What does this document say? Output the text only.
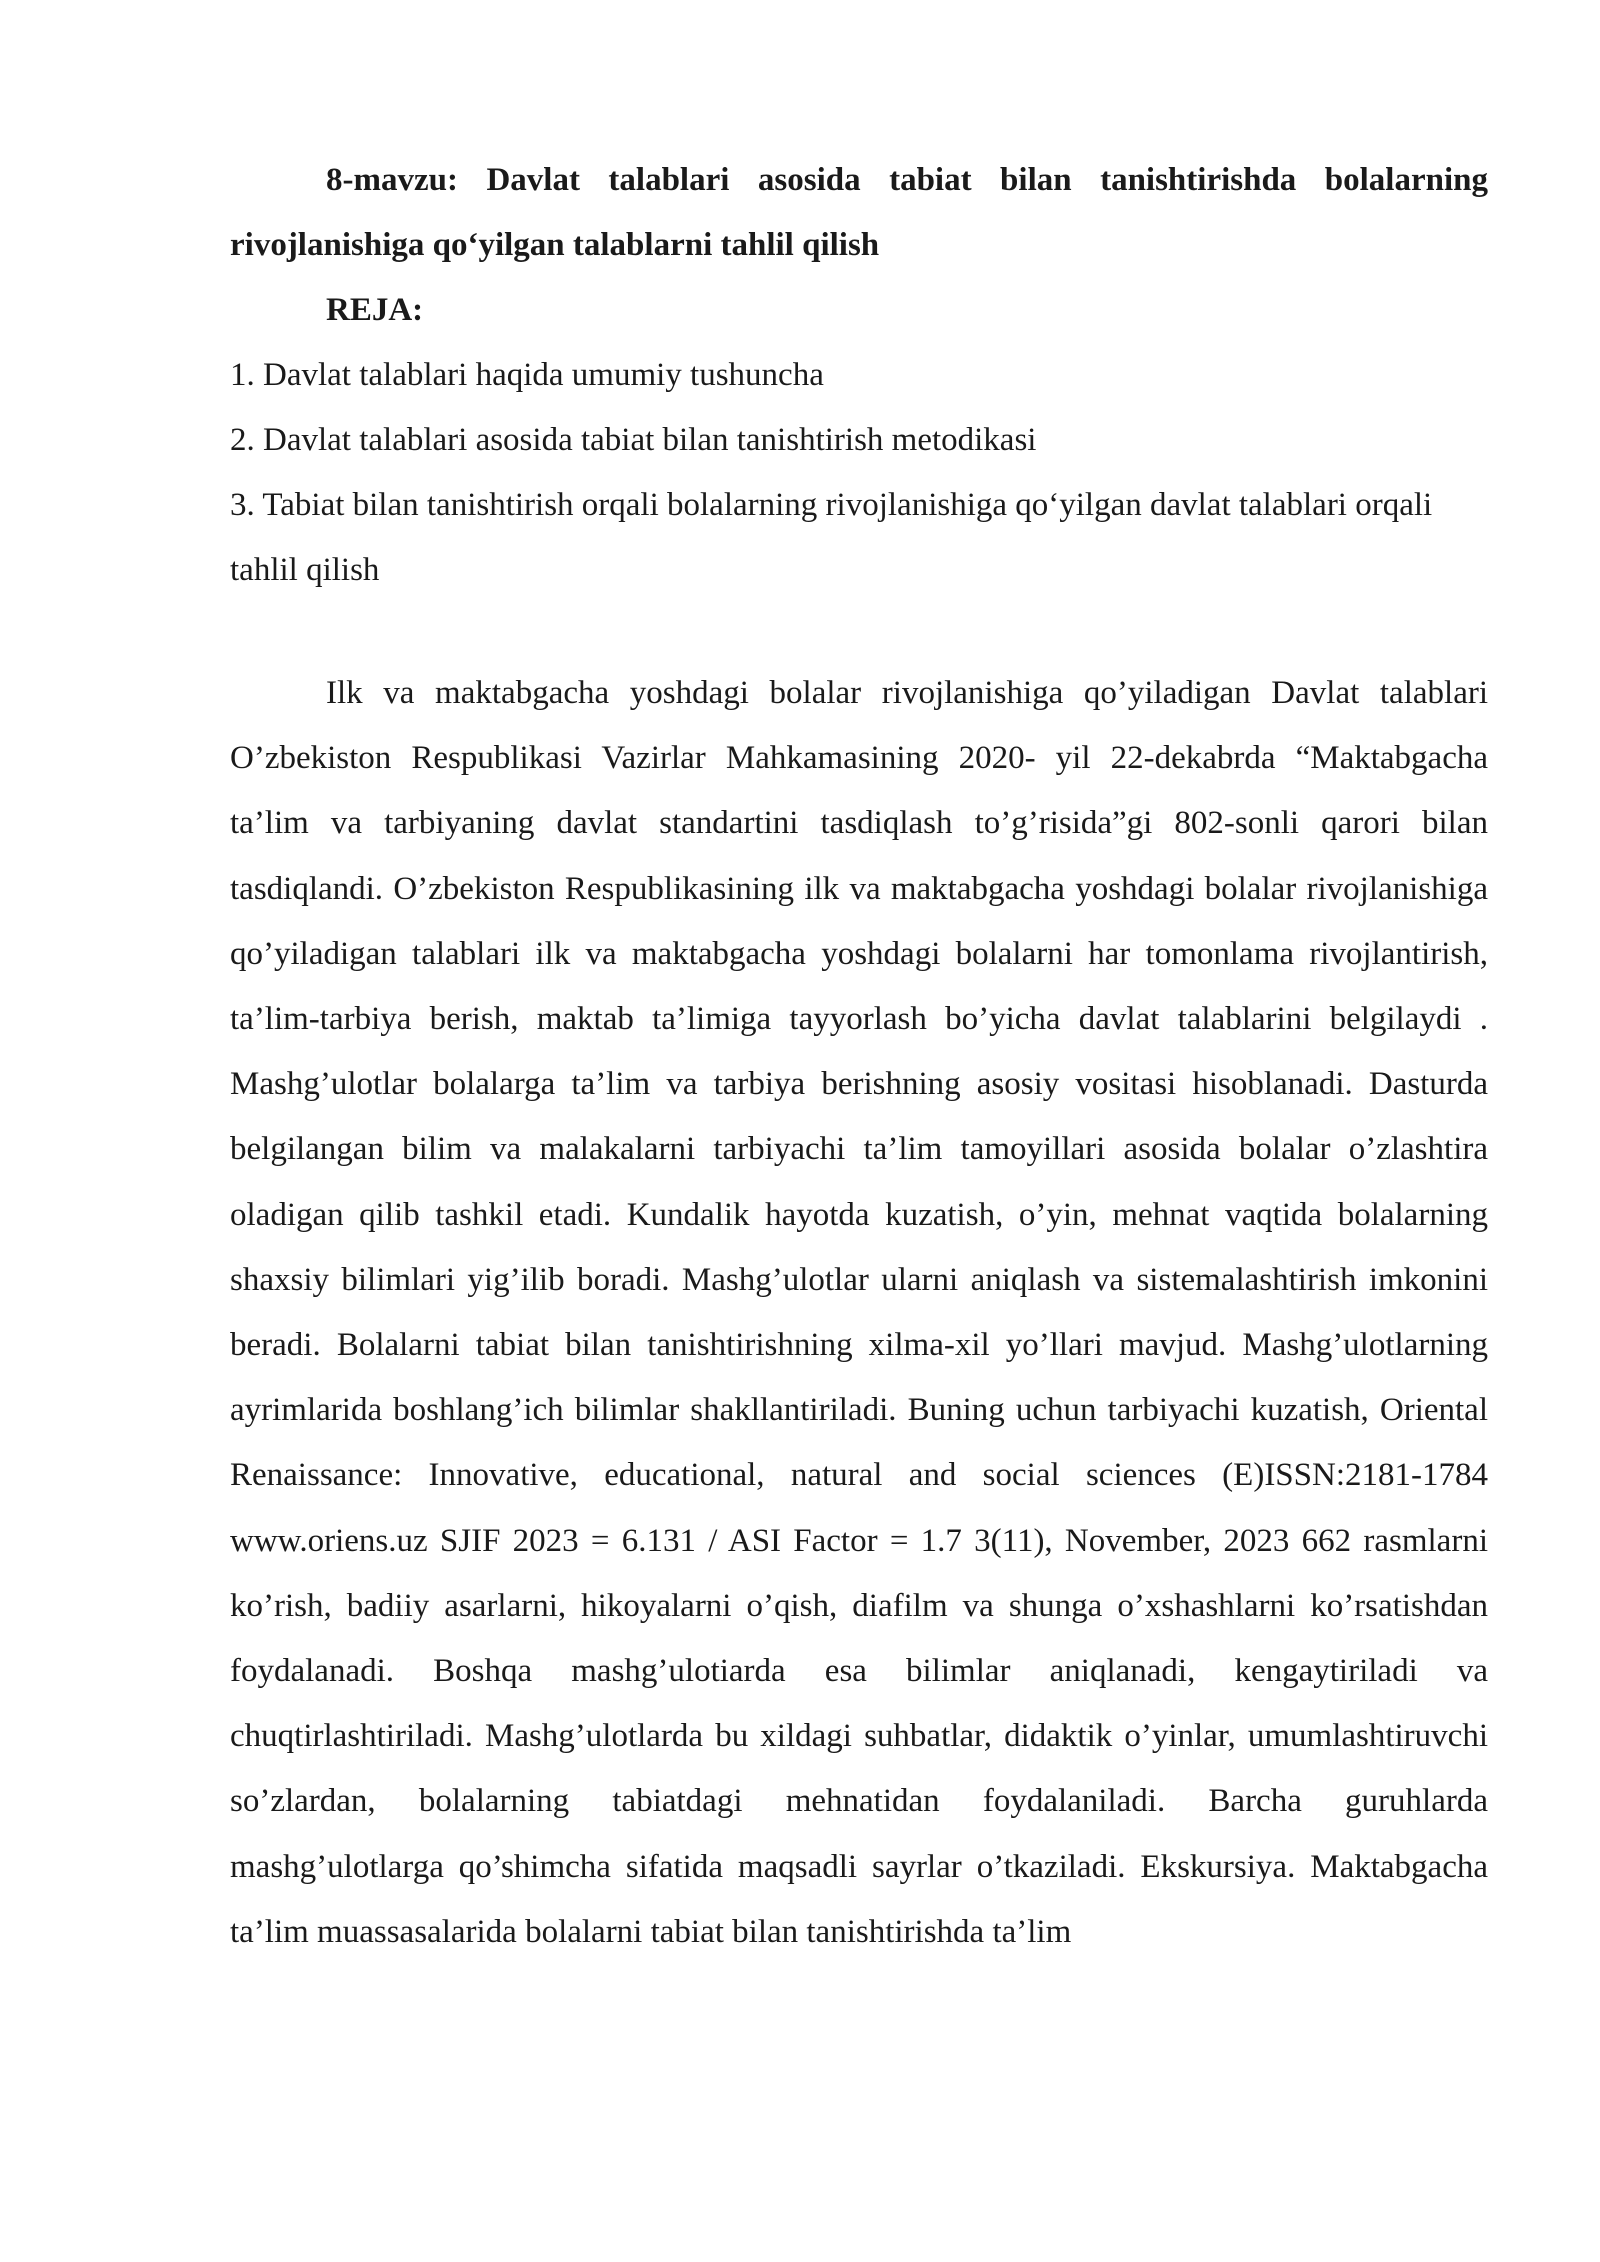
8-mavzu: Davlat talablari asosida tabiat bilan tanishtirishda bolalarning rivojlanishiga qo‘yilgan talablarni tahlil qilish

REJA:

1. Davlat talablari haqida umumiy tushuncha
2. Davlat talablari asosida tabiat bilan tanishtirish metodikasi
3. Tabiat bilan tanishtirish orqali bolalarning rivojlanishiga qo‘yilgan davlat talablari orqali tahlil qilish

Ilk va maktabgacha yoshdagi bolalar rivojlanishiga qo’yiladigan Davlat talablari O’zbekiston Respublikasi Vazirlar Mahkamasining 2020- yil 22-dekabrda “Maktabgacha ta’lim va tarbiyaning davlat standartini tasdiqlash to’g’risida”gi 802-sonli qarori bilan tasdiqlandi. O’zbekiston Respublikasining ilk va maktabgacha yoshdagi bolalar rivojlanishiga qo’yiladigan talablari ilk va maktabgacha yoshdagi bolalarni har tomonlama rivojlantirish, ta’lim-tarbiya berish, maktab ta’limiga tayyorlash bo’yicha davlat talablarini belgilaydi . Mashg’ulotlar bolalarga ta’lim va tarbiya berishning asosiy vositasi hisoblanadi. Dasturda belgilangan bilim va malakalarni tarbiyachi ta’lim tamoyillari asosida bolalar o’zlashtira oladigan qilib tashkil etadi. Kundalik hayotda kuzatish, o’yin, mehnat vaqtida bolalarning shaxsiy bilimlari yig’ilib boradi. Mashg’ulotlar ularni aniqlash va sistemalashtirish imkonini beradi. Bolalarni tabiat bilan tanishtirishning xilma-xil yo’llari mavjud. Mashg’ulotlarning ayrimlarida boshlang’ich bilimlar shakllantiriladi. Buning uchun tarbiyachi kuzatish, Oriental Renaissance: Innovative, educational, natural and social sciences (E)ISSN:2181-1784 www.oriens.uz SJIF 2023 = 6.131 / ASI Factor = 1.7 3(11), November, 2023 662 rasmlarni ko’rish, badiiy asarlarni, hikoyalarni o’qish, diafilm va shunga o’xshashlarni ko’rsatishdan foydalanadi. Boshqa mashg’ulotiarda esa bilimlar aniqlanadi, kengaytiriladi va chuqtirlashtiriladi. Mashg’ulotlarda bu xildagi suhbatlar, didaktik o’yinlar, umumlashtiruvchi so’zlardan, bolalarning tabiatdagi mehnatidan foydalaniladi. Barcha guruhlarda mashg’ulotlarga qo’shimcha sifatida maqsadli sayrlar o’tkaziladi. Ekskursiya. Maktabgacha ta’lim muassasalarida bolalarni tabiat bilan tanishtirishda ta’lim
